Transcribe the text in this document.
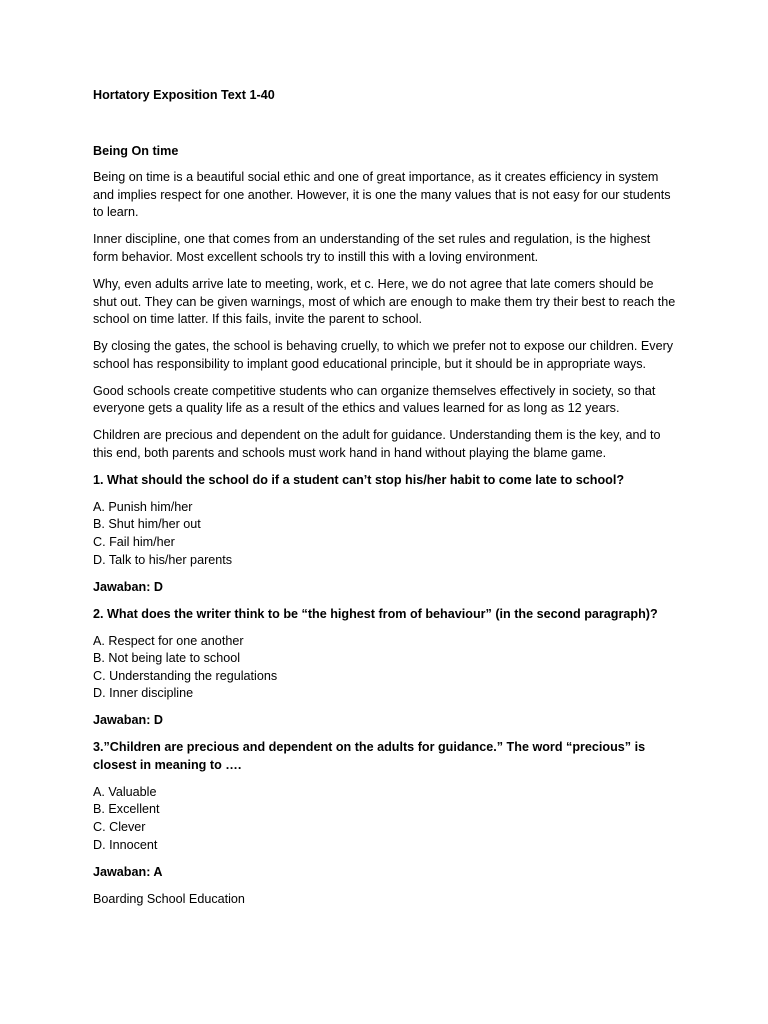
Hortatory Exposition Text 1-40
Being On time

Being on time is a beautiful social ethic and one of great importance, as it creates efficiency in system and implies respect for one another. However, it is one the many values that is not easy for our students to learn.

Inner discipline, one that comes from an understanding of the set rules and regulation, is the highest form behavior. Most excellent schools try to instill this with a loving environment.

Why, even adults arrive late to meeting, work, et c. Here, we do not agree that late comers should be shut out. They can be given warnings, most of which are enough to make them try their best to reach the school on time latter. If this fails, invite the parent to school.

By closing the gates, the school is behaving cruelly, to which we prefer not to expose our children. Every school has responsibility to implant good educational principle, but it should be in appropriate ways.

Good schools create competitive students who can organize themselves effectively in society, so that everyone gets a quality life as a result of the ethics and values learned for as long as 12 years.

Children are precious and dependent on the adult for guidance. Understanding them is the key, and to this end, both parents and schools must work hand in hand without playing the blame game.

1. What should the school do if a student can’t stop his/her habit to come late to school?
A. Punish him/her
B. Shut him/her out
C. Fail him/her
D. Talk to his/her parents
Jawaban: D
2. What does the writer think to be “the highest from of behaviour” (in the second paragraph)?
A. Respect for one another
B. Not being late to school
C. Understanding the regulations
D. Inner discipline
Jawaban: D
3.”Children are precious and dependent on the adults for guidance.” The word “precious” is closest in meaning to ….
A. Valuable
B. Excellent
C. Clever
D. Innocent
Jawaban: A
Boarding School Education
